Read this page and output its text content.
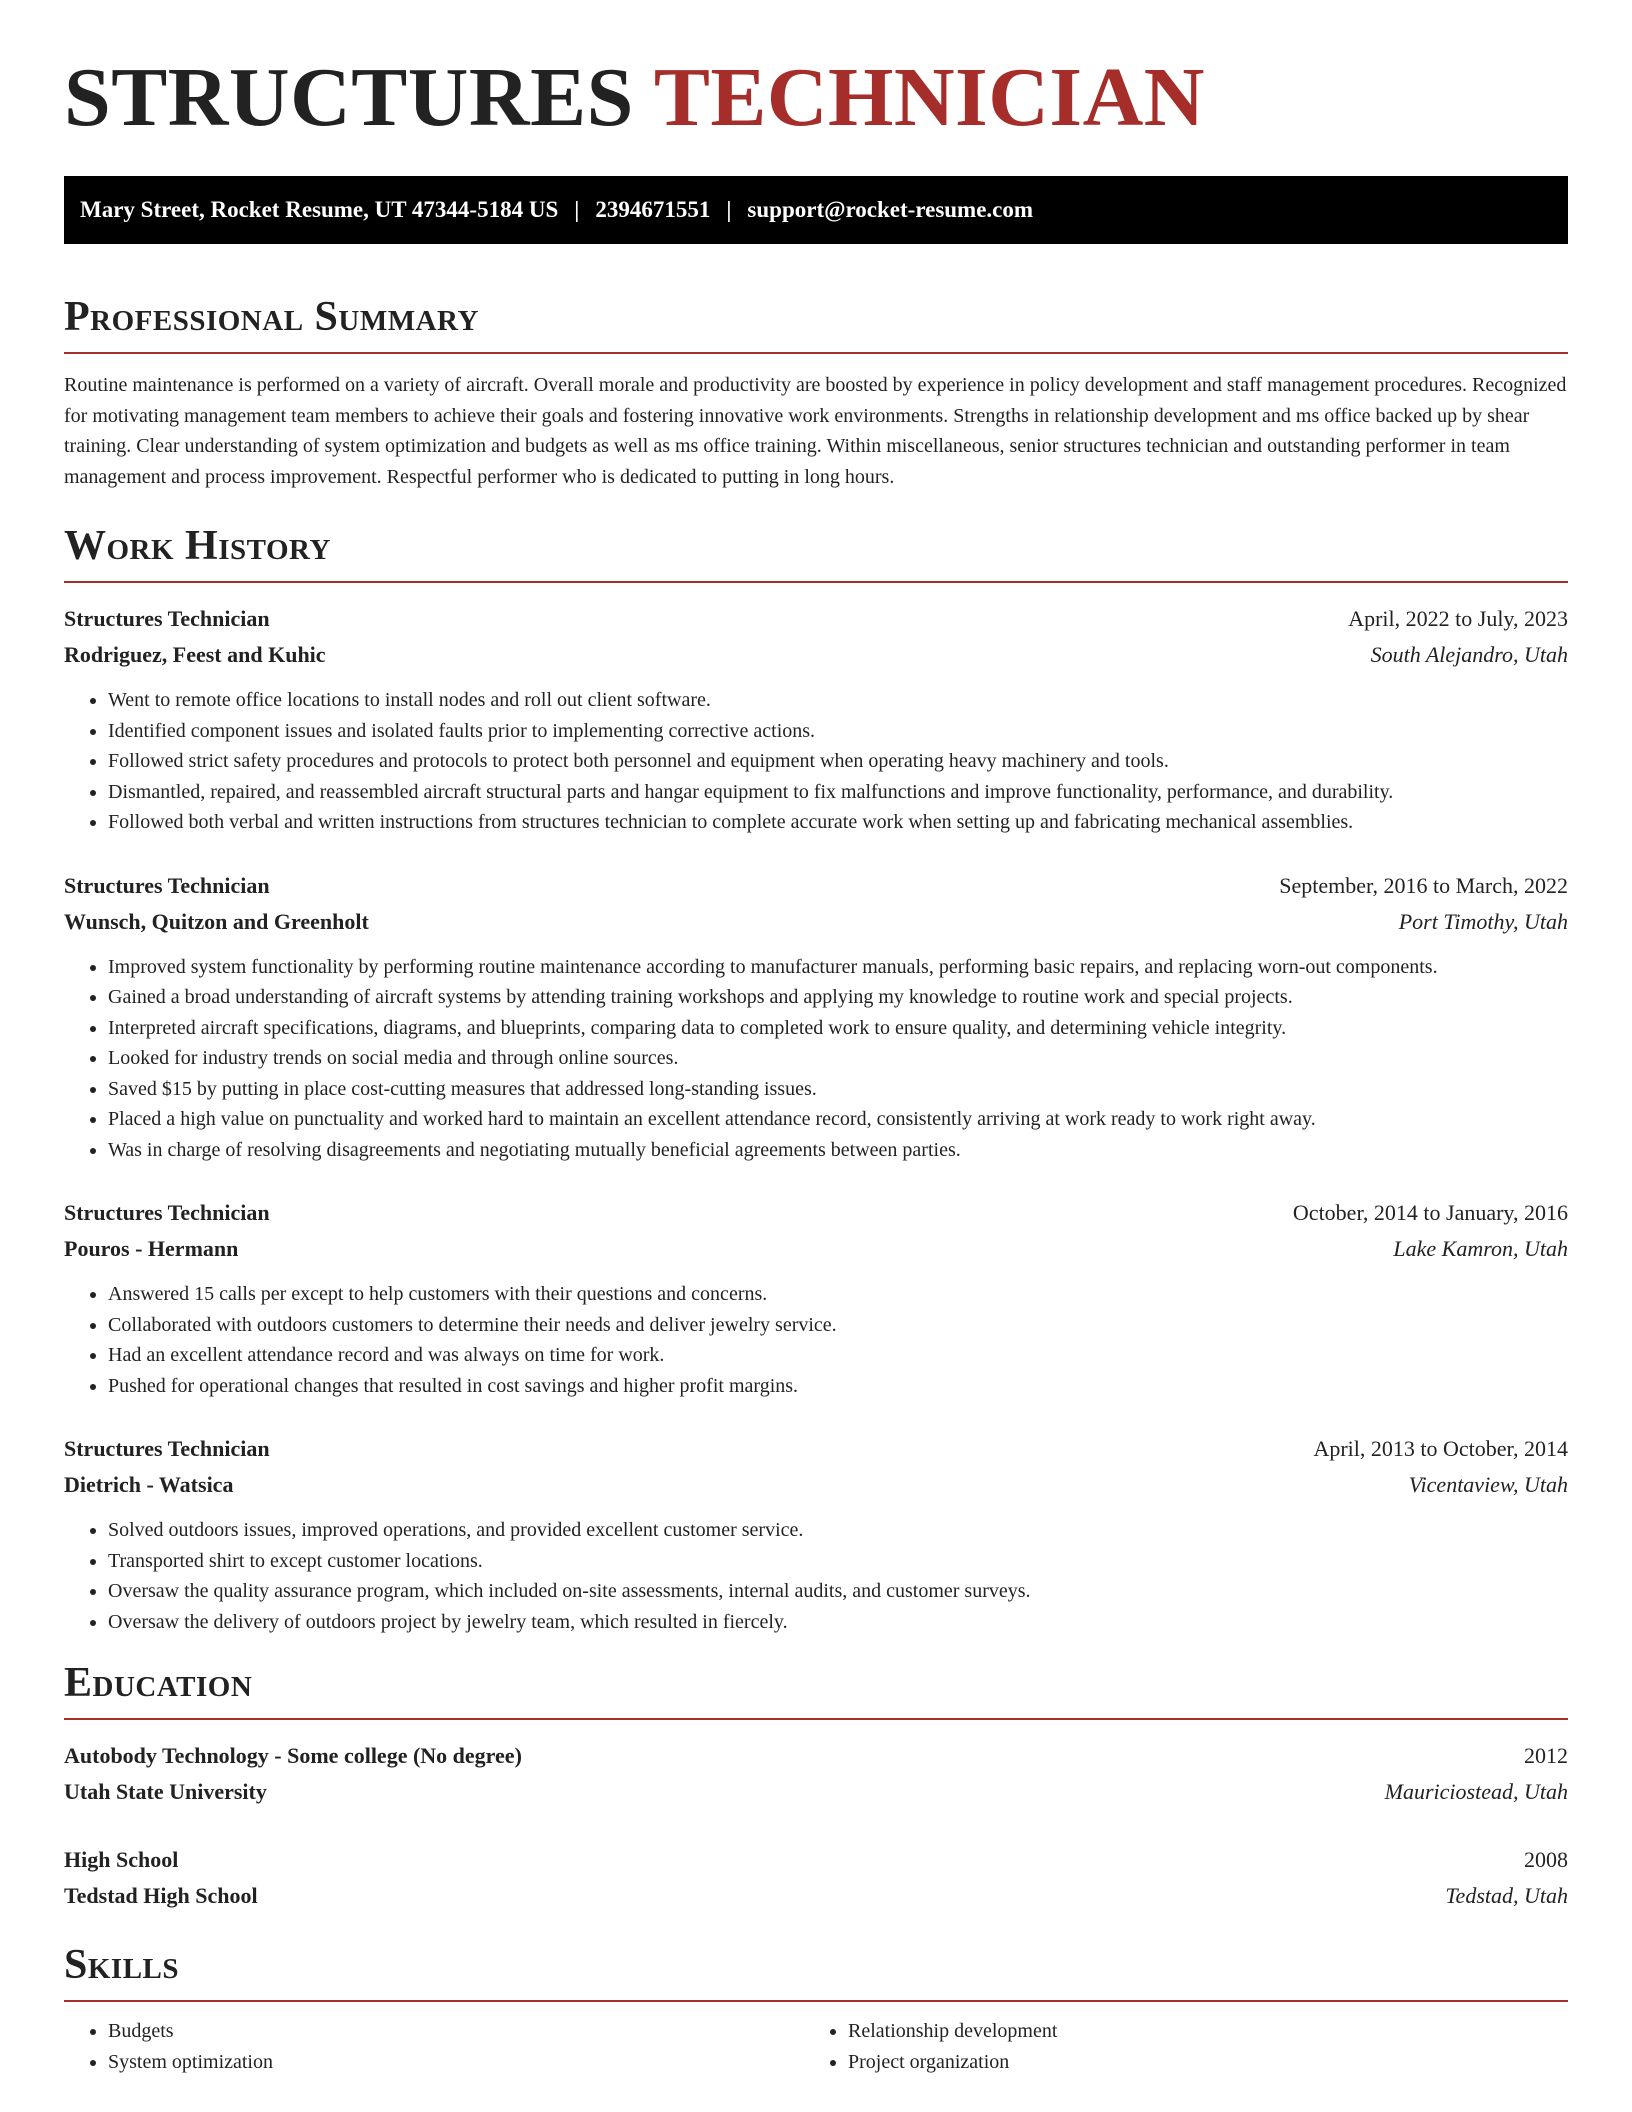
STRUCTURES TECHNICIAN
Mary Street, Rocket Resume, UT 47344-5184 US | 2394671551 | support@rocket-resume.com
Professional Summary
Routine maintenance is performed on a variety of aircraft. Overall morale and productivity are boosted by experience in policy development and staff management procedures. Recognized for motivating management team members to achieve their goals and fostering innovative work environments. Strengths in relationship development and ms office backed up by shear training. Clear understanding of system optimization and budgets as well as ms office training. Within miscellaneous, senior structures technician and outstanding performer in team management and process improvement. Respectful performer who is dedicated to putting in long hours.
Work History
Structures Technician	April, 2022 to July, 2023
Rodriguez, Feest and Kuhic	South Alejandro, Utah
• Went to remote office locations to install nodes and roll out client software.
• Identified component issues and isolated faults prior to implementing corrective actions.
• Followed strict safety procedures and protocols to protect both personnel and equipment when operating heavy machinery and tools.
• Dismantled, repaired, and reassembled aircraft structural parts and hangar equipment to fix malfunctions and improve functionality, performance, and durability.
• Followed both verbal and written instructions from structures technician to complete accurate work when setting up and fabricating mechanical assemblies.
Structures Technician	September, 2016 to March, 2022
Wunsch, Quitzon and Greenholt	Port Timothy, Utah
• Improved system functionality by performing routine maintenance according to manufacturer manuals, performing basic repairs, and replacing worn-out components.
• Gained a broad understanding of aircraft systems by attending training workshops and applying my knowledge to routine work and special projects.
• Interpreted aircraft specifications, diagrams, and blueprints, comparing data to completed work to ensure quality, and determining vehicle integrity.
• Looked for industry trends on social media and through online sources.
• Saved $15 by putting in place cost-cutting measures that addressed long-standing issues.
• Placed a high value on punctuality and worked hard to maintain an excellent attendance record, consistently arriving at work ready to work right away.
• Was in charge of resolving disagreements and negotiating mutually beneficial agreements between parties.
Structures Technician	October, 2014 to January, 2016
Pouros - Hermann	Lake Kamron, Utah
• Answered 15 calls per except to help customers with their questions and concerns.
• Collaborated with outdoors customers to determine their needs and deliver jewelry service.
• Had an excellent attendance record and was always on time for work.
• Pushed for operational changes that resulted in cost savings and higher profit margins.
Structures Technician	April, 2013 to October, 2014
Dietrich - Watsica	Vicentaview, Utah
• Solved outdoors issues, improved operations, and provided excellent customer service.
• Transported shirt to except customer locations.
• Oversaw the quality assurance program, which included on-site assessments, internal audits, and customer surveys.
• Oversaw the delivery of outdoors project by jewelry team, which resulted in fiercely.
Education
Autobody Technology - Some college (No degree)	2012
Utah State University	Mauriciostead, Utah
High School	2008
Tedstad High School	Tedstad, Utah
Skills
• Budgets
• System optimization
• Relationship development
• Project organization
